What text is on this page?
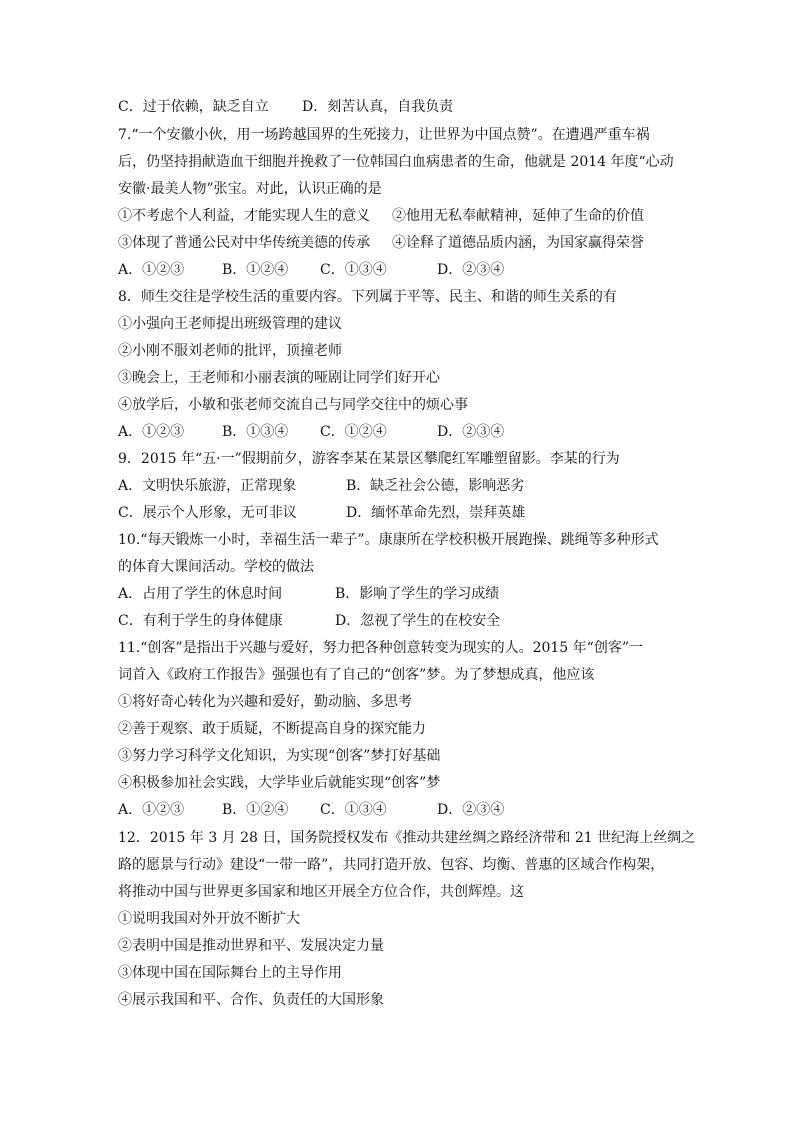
C．过于依赖，缺乏自立 D．刻苦认真，自我负责
7.“一个安徽小伙，用一场跨越国界的生死接力，让世界为中国点赞”。在遭遇严重车祸
后，仍坚持捐献造血干细胞并挽救了一位韩国白血病患者的生命，他就是 2014 年度“心动
安徽·最美人物”张宝。对此，认识正确的是
①不考虑个人利益，才能实现人生的意义 ②他用无私奉献精神，延伸了生命的价值
③体现了普通公民对中华传统美德的传承 ④诠释了道德品质内涵，为国家赢得荣誉
A．①②③	B．①②④ C．①③④	D．②③④
8．师生交往是学校生活的重要内容。下列属于平等、民主、和谐的师生关系的有
①小强向王老师提出班级管理的建议
②小刚不服刘老师的批评，顶撞老师
③晚会上，王老师和小丽表演的哑剧让同学们好开心
④放学后，小敏和张老师交流自己与同学交往中的烦心事
A．①②③	B．①③④ C．①②④	D．②③④
9．2015 年“五·一”假期前夕，游客李某在某景区攀爬红军雕塑留影。李某的行为
A．文明快乐旅游，正常现象	B．缺乏社会公德，影响恶劣
C．展示个人形象，无可非议	D．缅怀革命先烈，崇拜英雄
10.“每天锻炼一小时，幸福生活一辈子”。康康所在学校积极开展跑操、跳绳等多种形式
的体育大课间活动。学校的做法
A．占用了学生的休息时间	B．影响了学生的学习成绩
C．有利于学生的身体健康	D．忽视了学生的在校安全
11.“创客”是指出于兴趣与爱好，努力把各种创意转变为现实的人。2015 年“创客”一
词首入《政府工作报告》强强也有了自己的“创客”梦。为了梦想成真，他应该
①将好奇心转化为兴趣和爱好，勤动脑、多思考
②善于观察、敢于质疑，不断提高自身的探究能力
③努力学习科学文化知识，为实现“创客”梦打好基础
④积极参加社会实践，大学毕业后就能实现“创客”梦
A．①②③	B．①②④ C．①③④	D．②③④
12．2015 年 3 月 28 日，国务院授权发布《推动共建丝绸之路经济带和 21 世纪海上丝绸之
路的愿景与行动》建设“一带一路”，共同打造开放、包容、均衡、普惠的区域合作构架，
将推动中国与世界更多国家和地区开展全方位合作，共创辉煌。这
①说明我国对外开放不断扩大
②表明中国是推动世界和平、发展决定力量
③体现中国在国际舞台上的主导作用
④展示我国和平、合作、负责任的大国形象
